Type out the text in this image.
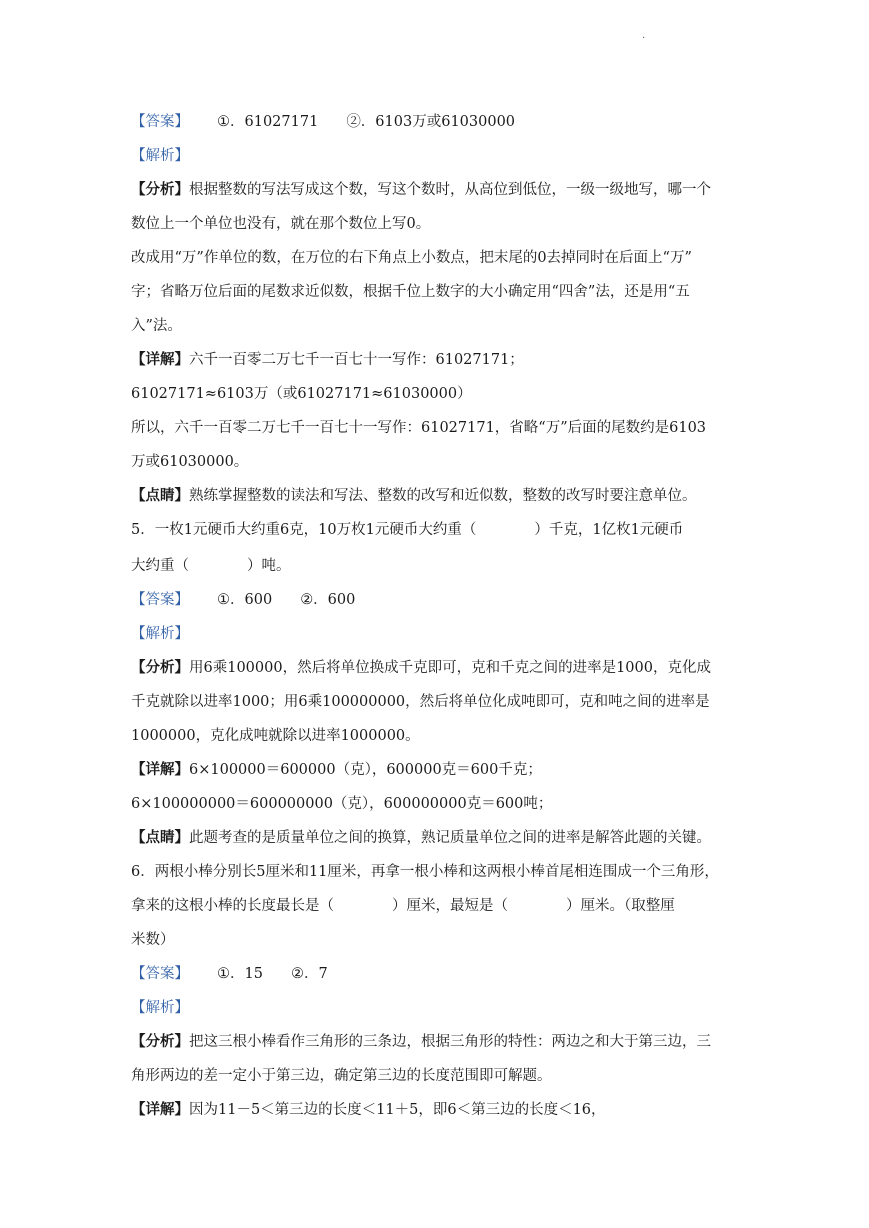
.
【答案】 ①．61027171 ②．6103万或61030000
【解析】
【分析】根据整数的写法写成这个数，写这个数时，从高位到低位，一级一级地写，哪一个
数位上一个单位也没有，就在那个数位上写0。
改成用“万”作单位的数，在万位的右下角点上小数点，把末尾的0去掉同时在后面上“万”
字；省略万位后面的尾数求近似数，根据千位上数字的大小确定用“四舍”法，还是用“五
入”法。
【详解】六千一百零二万七千一百七十一写作：61027171；
61027171≈6103万（或61027171≈61030000）
所以，六千一百零二万七千一百七十一写作：61027171，省略“万”后面的尾数约是6103
万或61030000。
【点睛】熟练掌握整数的读法和写法、整数的改写和近似数，整数的改写时要注意单位。
5．一枚1元硬币大约重6克，10万枚1元硬币大约重（　　　　）千克，1亿枚1元硬币
大约重（　　　　）吨。
【答案】 ①．600 ②．600
【解析】
【分析】用6乘100000，然后将单位换成千克即可，克和千克之间的进率是1000，克化成
千克就除以进率1000；用6乘100000000，然后将单位化成吨即可，克和吨之间的进率是
1000000，克化成吨就除以进率1000000。
【详解】6×100000＝600000（克），600000克＝600千克；
6×100000000＝600000000（克），600000000克＝600吨；
【点睛】此题考查的是质量单位之间的换算，熟记质量单位之间的进率是解答此题的关键。
6．两根小棒分别长5厘米和11厘米，再拿一根小棒和这两根小棒首尾相连围成一个三角形，
拿来的这根小棒的长度最长是（　　　　）厘米，最短是（　　　　）厘米。（取整厘
米数）
【答案】 ①．15 ②．7
【解析】
【分析】把这三根小棒看作三角形的三条边，根据三角形的特性：两边之和大于第三边，三
角形两边的差一定小于第三边，确定第三边的长度范围即可解题。
【详解】因为11－5＜第三边的长度＜11＋5，即6＜第三边的长度＜16，
